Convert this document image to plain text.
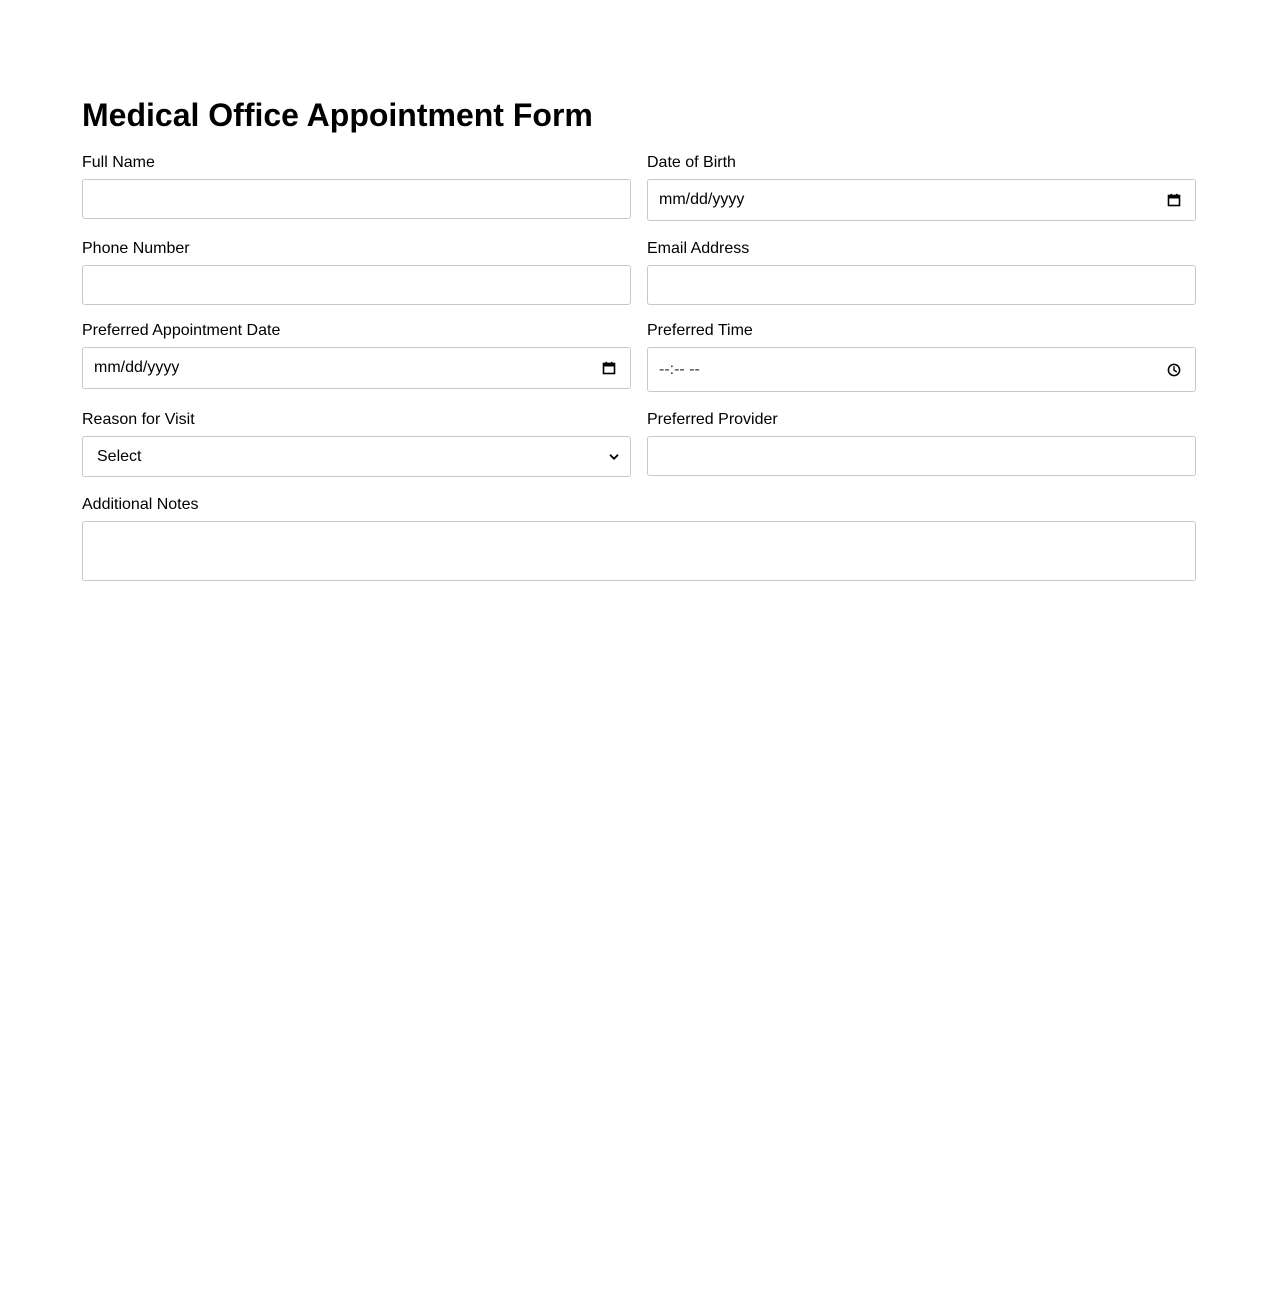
Medical Office Appointment Form
Full Name	Date of Birth
mm/dd/yyyy
Phone Number	Email Address
Preferred Appointment Date
mm/dd/yyyy
Preferred Time
--:-- --
Reason for Visit
Select
Preferred Provider
Additional Notes
